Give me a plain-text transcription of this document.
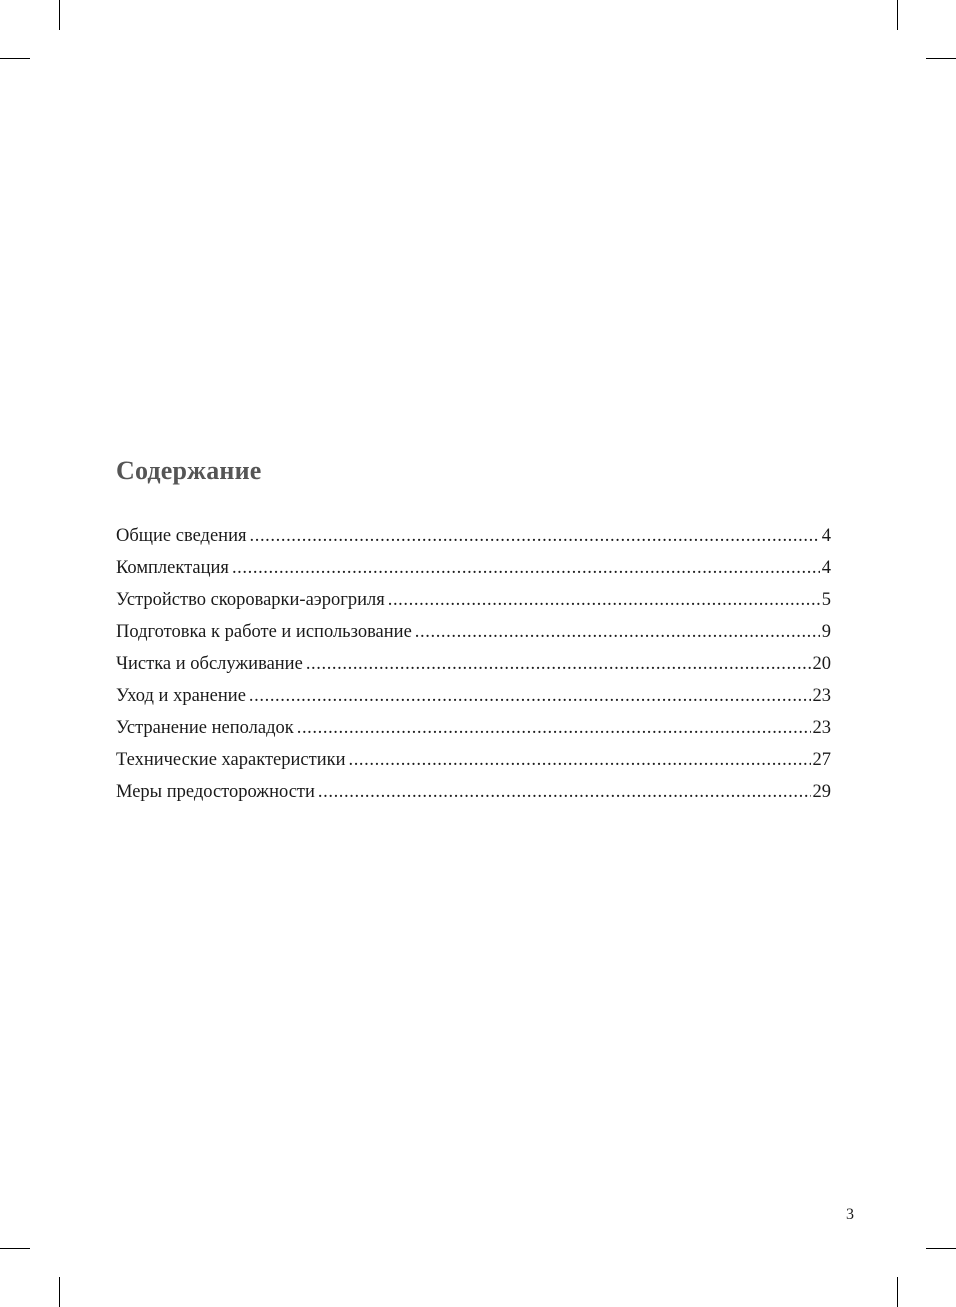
Содержание
Общие сведения .....	4
Комплектация .....	4
Устройство скороварки-аэрогриля .....	5
Подготовка к работе и использование .....	9
Чистка и обслуживание .....	20
Уход и хранение .....	23
Устранение неполадок .....	23
Технические характеристики .....	27
Меры предосторожности .....	29
3
